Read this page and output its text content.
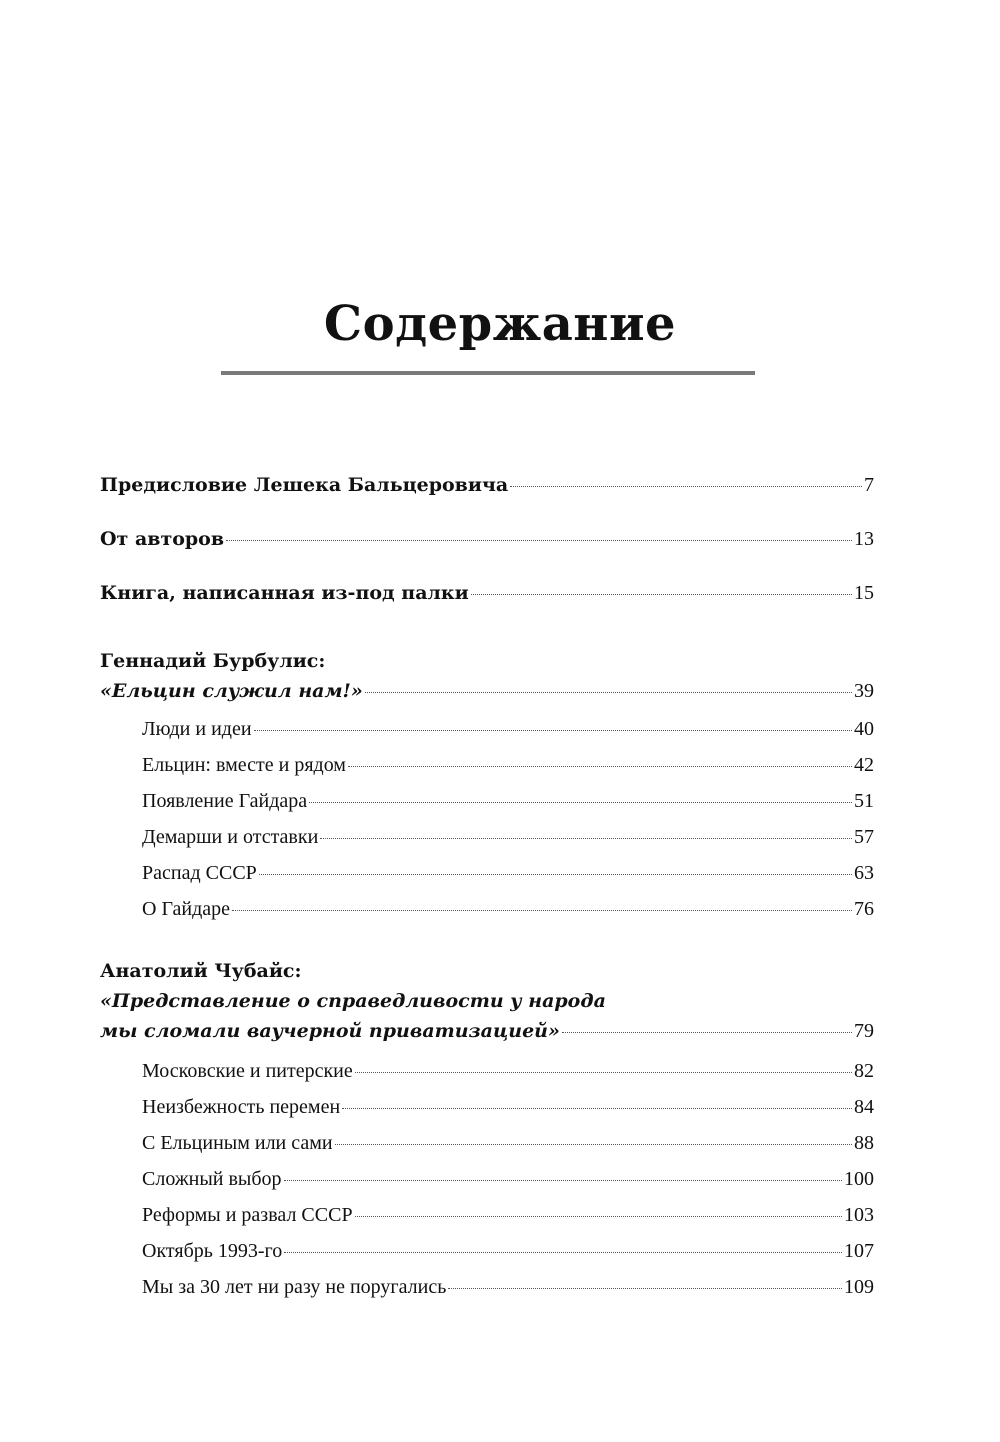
Содержание
Предисловие Лешека Бальцеровича	7
От авторов	13
Книга, написанная из-под палки	15
Геннадий Бурбулис:
«Ельцин служил нам!»	39
Люди и идеи	40
Ельцин: вместе и рядом	42
Появление Гайдара	51
Демарши и отставки	57
Распад СССР	63
О Гайдаре	76
Анатолий Чубайс:
«Представление о справедливости у народа
мы сломали ваучерной приватизацией»	79
Московские и питерские	82
Неизбежность перемен	84
С Ельциным или сами	88
Сложный выбор	100
Реформы и развал СССР	103
Октябрь 1993-го	107
Мы за 30 лет ни разу не поругались	109
